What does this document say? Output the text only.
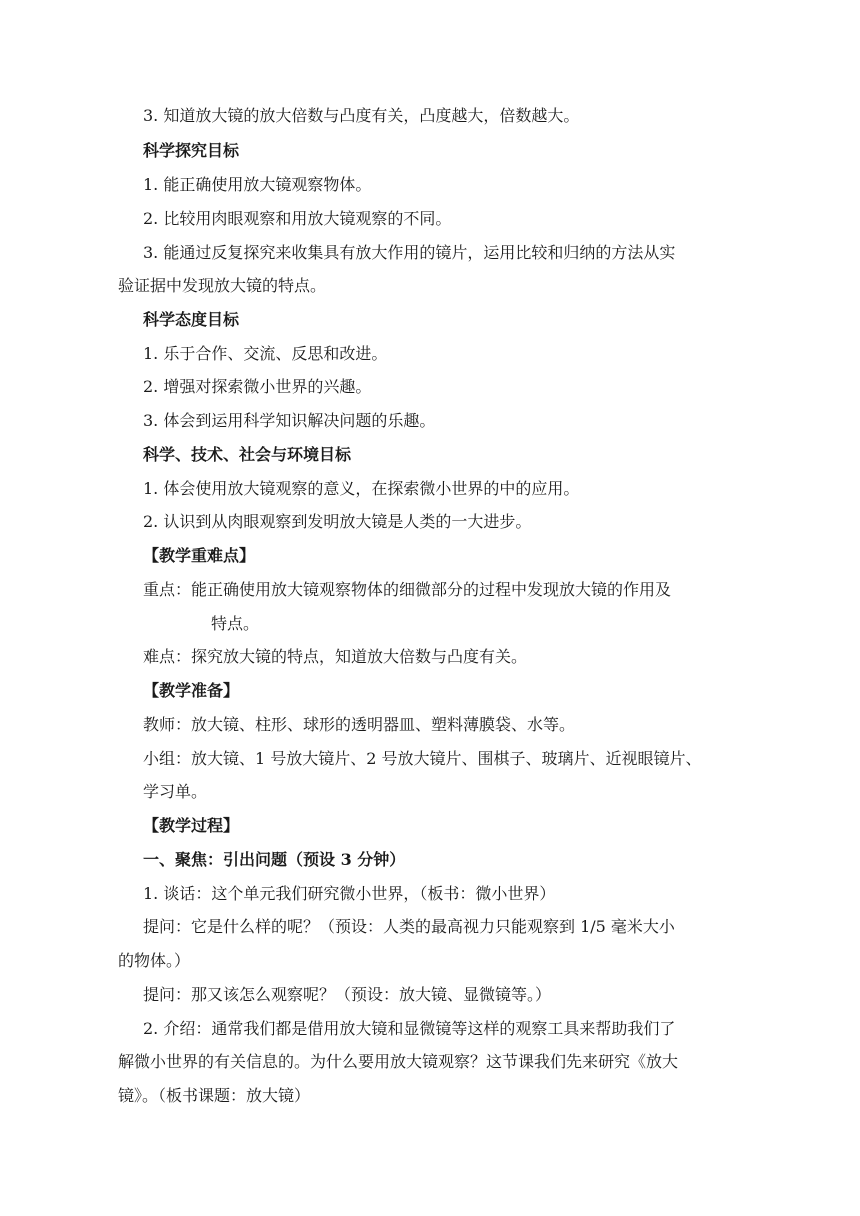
3. 知道放大镜的放大倍数与凸度有关，凸度越大，倍数越大。
科学探究目标
1. 能正确使用放大镜观察物体。
2. 比较用肉眼观察和用放大镜观察的不同。
3. 能通过反复探究来收集具有放大作用的镜片，运用比较和归纳的方法从实
验证据中发现放大镜的特点。
科学态度目标
1. 乐于合作、交流、反思和改进。
2. 增强对探索微小世界的兴趣。
3. 体会到运用科学知识解决问题的乐趣。
科学、技术、社会与环境目标
1. 体会使用放大镜观察的意义，在探索微小世界的中的应用。
2. 认识到从肉眼观察到发明放大镜是人类的一大进步。
【教学重难点】
重点：能正确使用放大镜观察物体的细微部分的过程中发现放大镜的作用及
特点。
难点：探究放大镜的特点，知道放大倍数与凸度有关。
【教学准备】
教师：放大镜、柱形、球形的透明器皿、塑料薄膜袋、水等。
小组：放大镜、1 号放大镜片、2 号放大镜片、围棋子、玻璃片、近视眼镜片、
学习单。
【教学过程】
一、聚焦：引出问题（预设 3 分钟）
1. 谈话：这个单元我们研究微小世界，（板书：微小世界）
提问：它是什么样的呢？（预设：人类的最高视力只能观察到 1/5 毫米大小
的物体。）
提问：那又该怎么观察呢？（预设：放大镜、显微镜等。）
2. 介绍：通常我们都是借用放大镜和显微镜等这样的观察工具来帮助我们了
解微小世界的有关信息的。为什么要用放大镜观察？这节课我们先来研究《放大
镜》。（板书课题：放大镜）
